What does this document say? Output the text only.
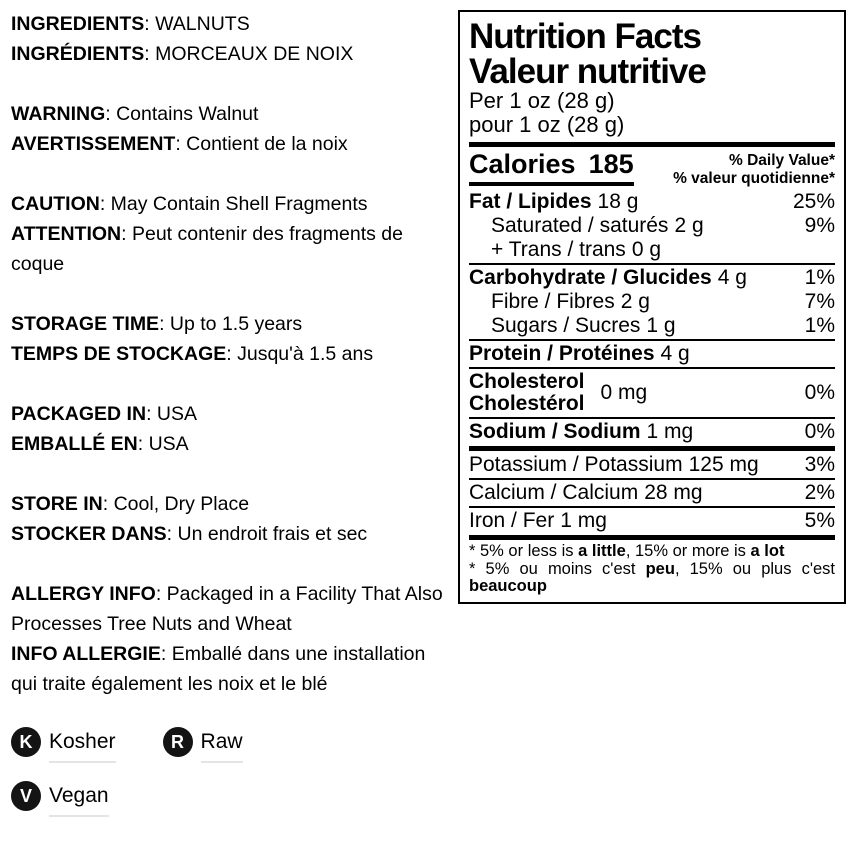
INGREDIENTS: WALNUTS
INGRÉDIENTS: MORCEAUX DE NOIX
WARNING: Contains Walnut
AVERTISSEMENT: Contient de la noix
CAUTION: May Contain Shell Fragments
ATTENTION: Peut contenir des fragments de coque
STORAGE TIME: Up to 1.5 years
TEMPS DE STOCKAGE: Jusqu'à 1.5 ans
PACKAGED IN: USA
EMBALLÉ EN: USA
STORE IN: Cool, Dry Place
STOCKER DANS: Un endroit frais et sec
ALLERGY INFO: Packaged in a Facility That Also Processes Tree Nuts and Wheat
INFO ALLERGIE: Emballé dans une installation qui traite également les noix et le blé
K Kosher	R Raw
V Vegan
Nutrition Facts
Valeur nutritive
Per 1 oz (28 g)
pour 1 oz (28 g)
Calories 185	% Daily Value*
% valeur quotidienne*
Fat / Lipides 18 g	25%
Saturated / saturés 2 g	9%
+ Trans / trans 0 g
Carbohydrate / Glucides 4 g	1%
Fibre / Fibres 2 g	7%
Sugars / Sucres 1 g	1%
Protein / Protéines 4 g
Cholesterol
Cholestérol 0 mg	0%
Sodium / Sodium 1 mg	0%
Potassium / Potassium 125 mg 3%
Calcium / Calcium 28 mg	2%
Iron / Fer 1 mg	5%
* 5% or less is a little, 15% or more is a lot
* 5% ou moins c'est peu, 15% ou plus c'est beaucoup
